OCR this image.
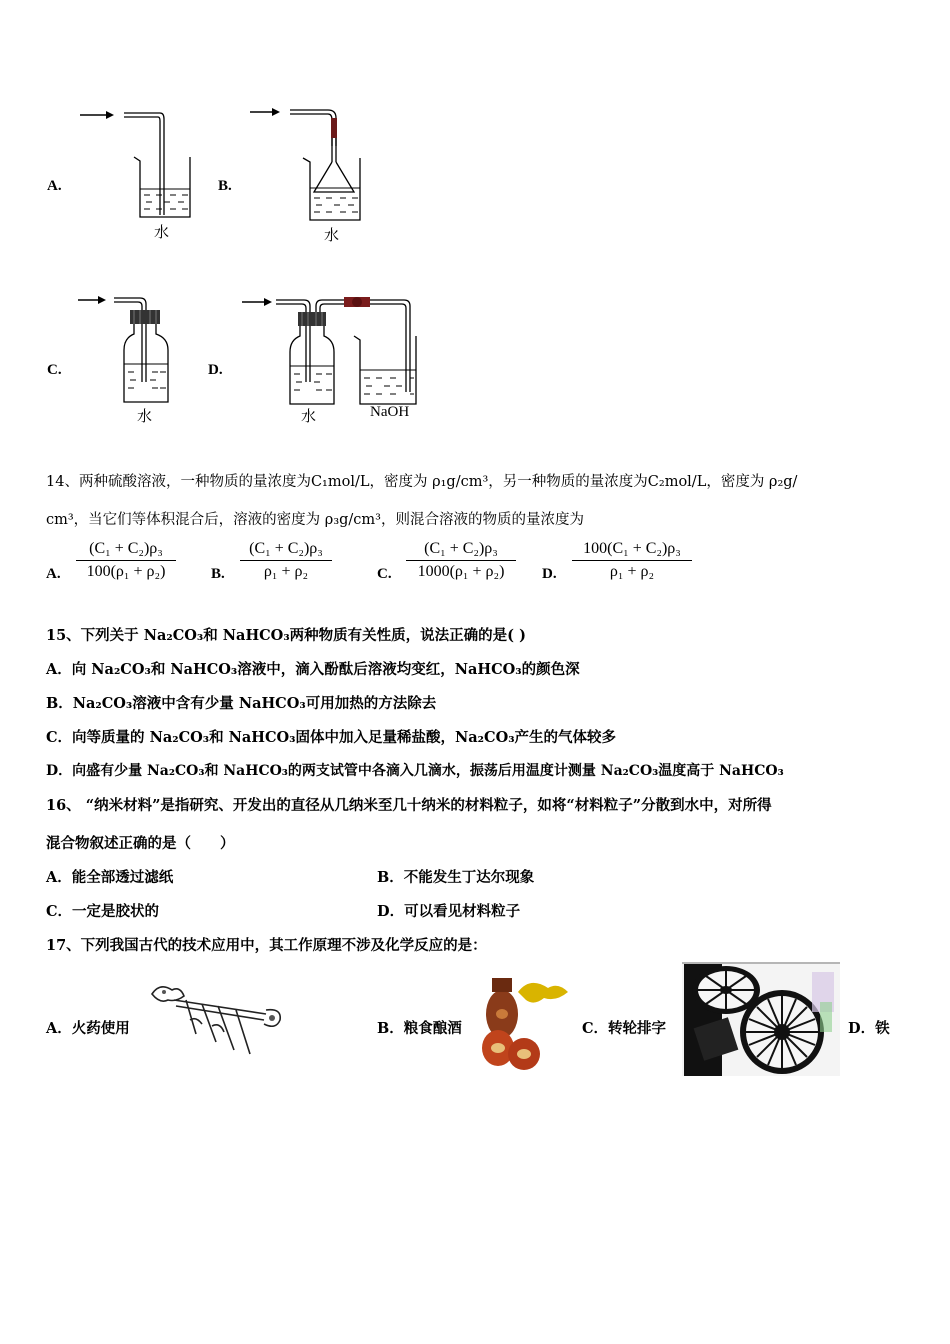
A.
水
B.
水
C.
水
D.
水	NaOH
14、两种硫酸溶液，一种物质的量浓度为C₁mol/L，密度为 ρ₁g/cm³，另一种物质的量浓度为C₂mol/L，密度为 ρ₂g/
cm³，当它们等体积混合后，溶液的密度为 ρ₃g/cm³，则混合溶液的物质的量浓度为
A.
(C₁ + C₂)ρ₃
100(ρ₁ + ρ₂)	B.
(C₁ + C₂)ρ₃
ρ₁ + ρ₂	C.
(C₁ + C₂)ρ₃
1000(ρ₁ + ρ₂)	D.
100(C₁ + C₂)ρ₃
ρ₁ + ρ₂
15、下列关于 Na₂CO₃和 NaHCO₃两种物质有关性质，说法正确的是( )
A．向 Na₂CO₃和 NaHCO₃溶液中，滴入酚酞后溶液均变红，NaHCO₃的颜色深
B．Na₂CO₃溶液中含有少量 NaHCO₃可用加热的方法除去
C．向等质量的 Na₂CO₃和 NaHCO₃固体中加入足量稀盐酸，Na₂CO₃产生的气体较多
D．向盛有少量 Na₂CO₃和 NaHCO₃的两支试管中各滴入几滴水，振荡后用温度计测量 Na₂CO₃温度高于 NaHCO₃
16、 “纳米材料”是指研究、开发出的直径从几纳米至几十纳米的材料粒子，如将“材料粒子”分散到水中，对所得
混合物叙述正确的是（　　）
A．能全部透过滤纸	B．不能发生丁达尔现象
C．一定是胶状的	D．可以看见材料粒子
17、下列我国古代的技术应用中，其工作原理不涉及化学反应的是：
A．火药使用	B．粮食酿酒	C．转轮排字	D．铁
